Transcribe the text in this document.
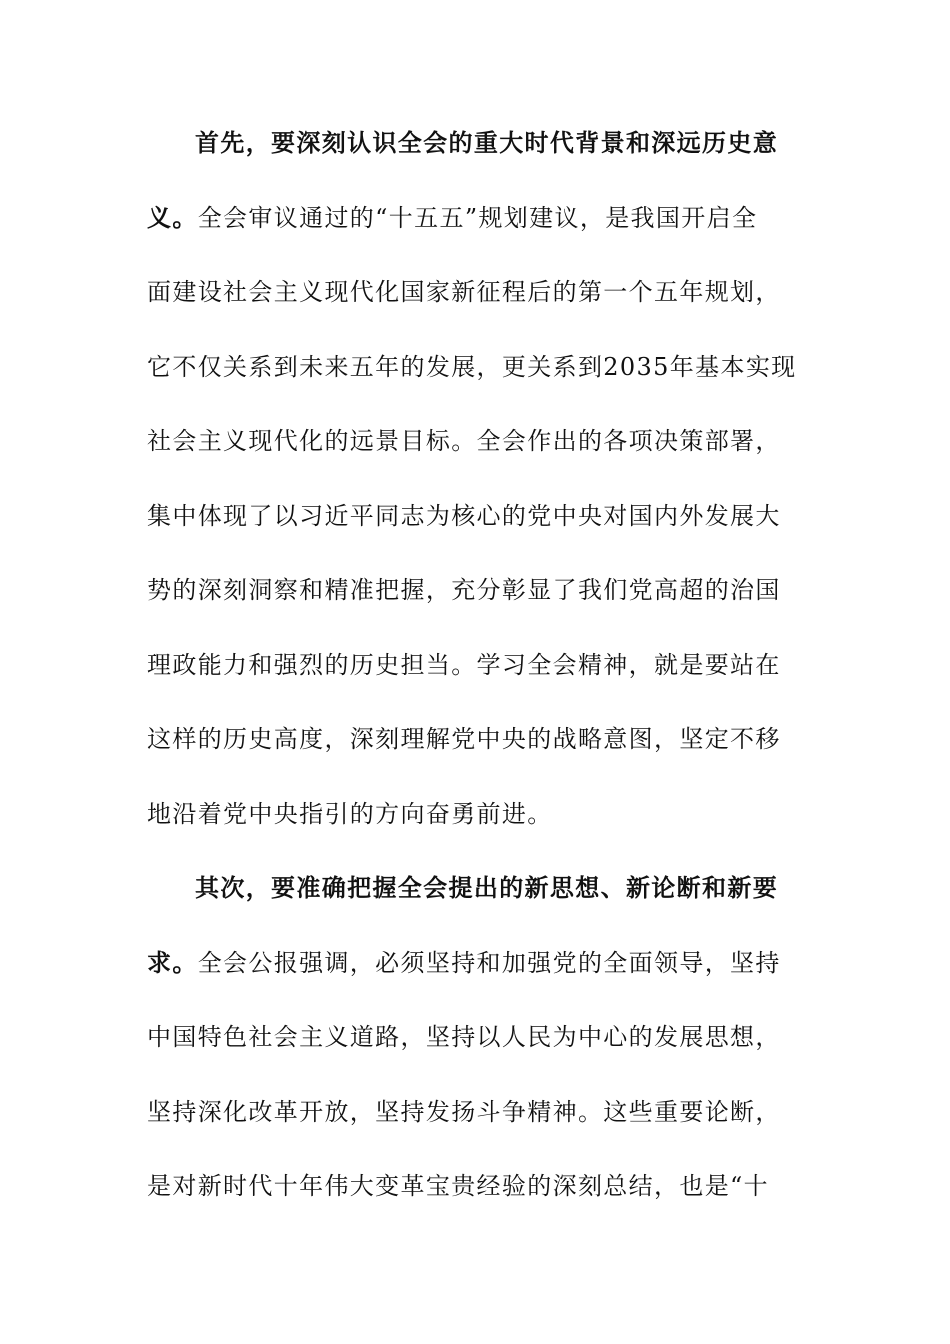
首先，要深刻认识全会的重大时代背景和深远历史意
义。全会审议通过的“十五五”规划建议，是我国开启全
面建设社会主义现代化国家新征程后的第一个五年规划，
它不仅关系到未来五年的发展，更关系到2035年基本实现
社会主义现代化的远景目标。全会作出的各项决策部署，
集中体现了以习近平同志为核心的党中央对国内外发展大
势的深刻洞察和精准把握，充分彰显了我们党高超的治国
理政能力和强烈的历史担当。学习全会精神，就是要站在
这样的历史高度，深刻理解党中央的战略意图，坚定不移
地沿着党中央指引的方向奋勇前进。
其次，要准确把握全会提出的新思想、新论断和新要
求。全会公报强调，必须坚持和加强党的全面领导，坚持
中国特色社会主义道路，坚持以人民为中心的发展思想，
坚持深化改革开放，坚持发扬斗争精神。这些重要论断，
是对新时代十年伟大变革宝贵经验的深刻总结，也是“十
